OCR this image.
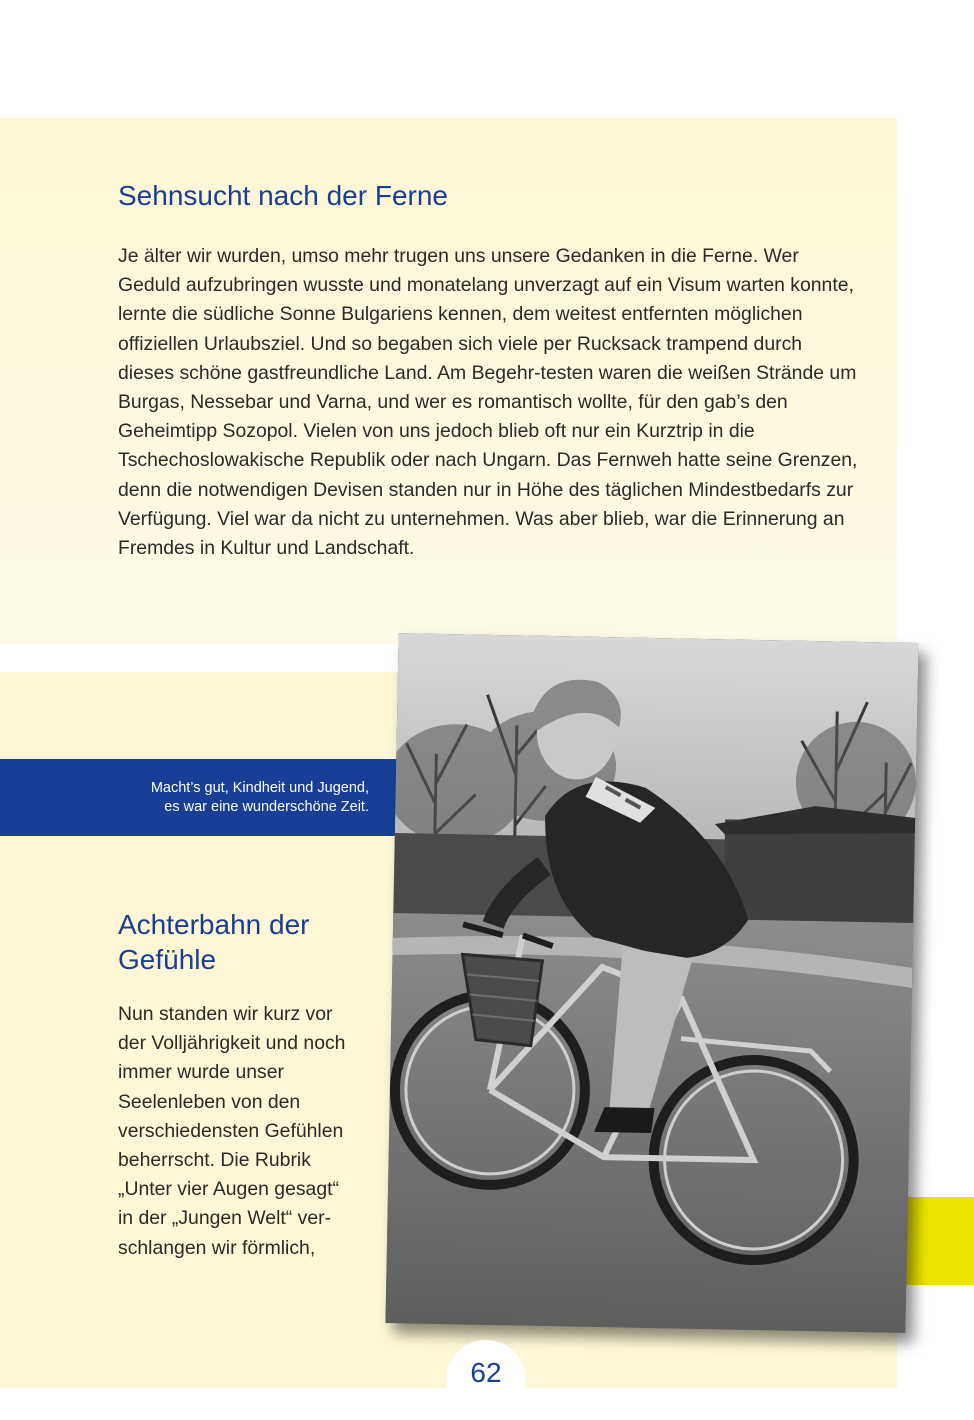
Sehnsucht nach der Ferne

Je älter wir wurden, umso mehr trugen uns unsere Gedanken in die Ferne. Wer Geduld aufzubringen wusste und monatelang unverzagt auf ein Visum warten konnte, lernte die südliche Sonne Bulgariens kennen, dem weitest entfernten möglichen offiziellen Urlaubsziel. Und so begaben sich viele per Rucksack trampend durch dieses schöne gastfreundliche Land. Am Begehr-testen waren die weißen Strände um Burgas, Nessebar und Varna, und wer es romantisch wollte, für den gab’s den Geheimtipp Sozopol. Vielen von uns jedoch blieb oft nur ein Kurztrip in die Tschechoslowakische Republik oder nach Ungarn. Das Fernweh hatte seine Grenzen, denn die notwendigen Devisen standen nur in Höhe des täglichen Mindestbedarfs zur Verfügung. Viel war da nicht zu unternehmen. Was aber blieb, war die Erinnerung an Fremdes in Kultur und Landschaft.

Macht’s gut, Kindheit und Jugend,
es war eine wunderschöne Zeit.
Achterbahn der Gefühle

Nun standen wir kurz vor der Volljährigkeit und noch immer wurde unser Seelenleben von den verschiedensten Gefühlen beherrscht. Die Rubrik „Unter vier Augen gesagt“ in der „Jungen Welt“ ver-schlangen wir förmlich,

62
